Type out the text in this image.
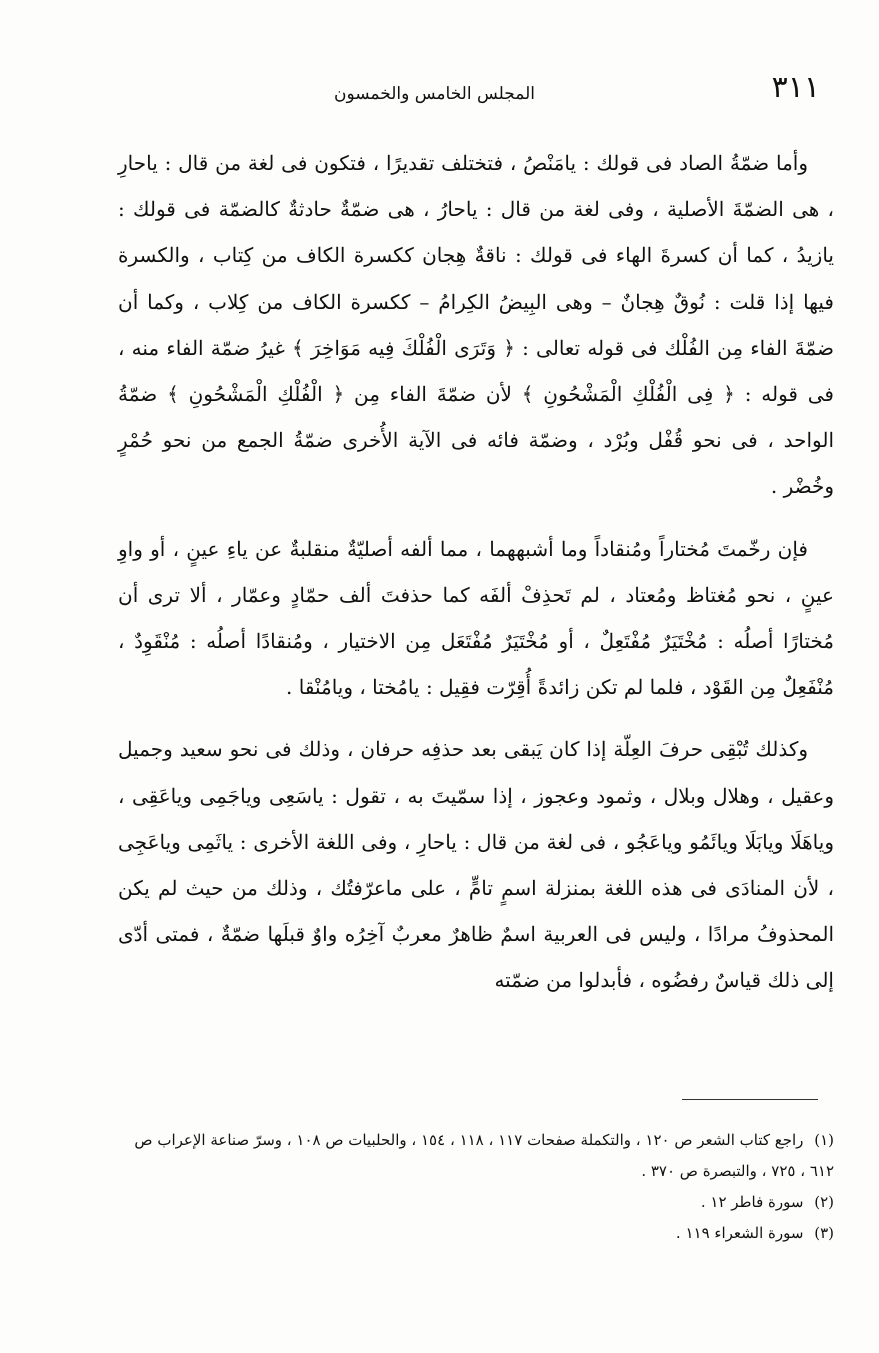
٣١١
المجلس الخامس والخمسون

وأما ضمّةُ الصاد فى قولك : يامَنْصُ ، فتختلف تقديرًا ، فتكون فى لغة من قال : ياحارِ ، هى الضمّةَ الأصلية ، وفى لغة من قال : ياحارُ ، هى ضمّةٌ حادثةٌ كالضمّة فى قولك : يازيدُ ، كما أن كسرةَ الهاء فى قولك : ناقةٌ هِجان ككسرة الكاف من كِتاب ، والكسرة فيها إذا قلت : نُوقٌ هِجانٌ – وهى البِيضُ الكِرامُ – ككسرة الكاف من كِلاب ، وكما أن ضمّةَ الفاء مِن الفُلْك فى قوله تعالى : ﴿ وَتَرَى الْفُلْكَ فِيه مَوَاخِرَ ﴾ غيرُ ضمّة الفاء منه ، فى قوله : ﴿ فِى الْفُلْكِ الْمَشْحُونِ ﴾ لأن ضمّةَ الفاء مِن ﴿ الْفُلْكِ الْمَشْحُونِ ﴾ ضمّةُ الواحد ، فى نحو قُفْل وبُرْد ، وضمّة فائه فى الآية الأُخرى ضمّةُ الجمع من نحو حُمْرٍ وخُضْر .

فإن رخّمتَ مُختاراً ومُنقاداً وما أشبههما ، مما ألفه أصليّةٌ منقلبةٌ عن ياءِ عينٍ ، أو واوِ عينٍ ، نحو مُغتاظ ومُعتاد ، لم تَحذِفْ ألفَه كما حذفتَ ألف حمّادٍ وعمّار ، ألا ترى أن مُختارًا أصلُه : مُخْتَيَرٌ مُفْتَعِلٌ ، أو مُخْتَيَرٌ مُفْتَعَل مِن الاختيار ، ومُنقادًا أصلُه : مُنْقَوِدٌ ، مُنْفَعِلٌ مِن القَوْد ، فلما لم تكن زائدةً أُقِرّت فقِيل : يامُختا ، ويامُنْقا .

وكذلك تُبْقِى حرفَ العِلّة إذا كان يَبقى بعد حذفِه حرفان ، وذلك فى نحو سعيد وجميل وعقيل ، وهلال وبلال ، وثمود وعجوز ، إذا سمّيتَ به ، تقول : ياسَعِى وياجَمِى وياعَقِى ، وياهَلَا ويابَلَا ويائَمُو وياعَجُو ، فى لغة من قال : ياحارِ ، وفى اللغة الأخرى : ياثَمِى وياعَجِى ، لأن المنادَى فى هذه اللغة بمنزلة اسمٍ تامٍّ ، على ماعرّفتُك ، وذلك من حيث لم يكن المحذوفُ مرادًا ، وليس فى العربية اسمٌ ظاهرٌ معربٌ آخِرُه واوٌ قبلَها ضمّةٌ ، فمتى أدّى إلى ذلك قياسٌ رفضُوه ، فأبدلوا من ضمّته

(١) راجع كتاب الشعر ص ١٢٠ ، والتكملة صفحات ١١٧ ، ١١٨ ، ١٥٤ ، والحلبيات ص ١٠٨ ، وسرّ صناعة الإعراب ص ٦١٢ ، ٧٢٥ ، والتبصرة ص ٣٧٠ .

(٢) سورة فاطر ١٢ .

(٣) سورة الشعراء ١١٩ .
